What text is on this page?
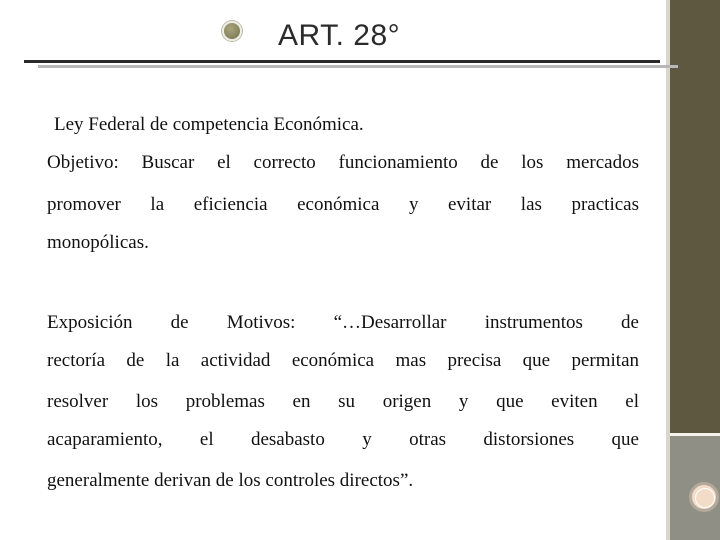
ART. 28°
Ley Federal de competencia Económica.
Objetivo: Buscar el correcto funcionamiento de los mercados
promover la eficiencia económica y evitar las practicas
monopólicas.
Exposición de Motivos: “…Desarrollar instrumentos de
rectoría de la actividad económica mas precisa que permitan
resolver los problemas en su origen y que eviten el
acaparamiento, el desabasto y otras distorsiones que
generalmente derivan de los controles directos”.
